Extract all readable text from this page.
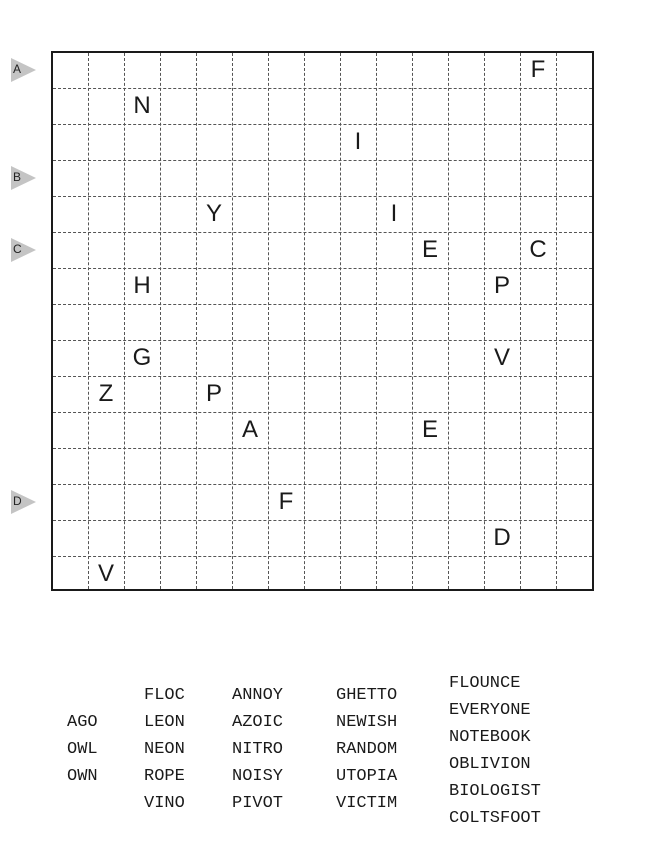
F
N
I
Y	I
E	C
H	P
G	V
Z	P
A	E
F
D
V
A
B
C
D
AGO
OWL
OWN
FLOC
LEON
NEON
ROPE
VINO
ANNOY
AZOIC
NITRO
NOISY
PIVOT
GHETTO
NEWISH
RANDOM
UTOPIA
VICTIM
FLOUNCE
EVERYONE
NOTEBOOK
OBLIVION
BIOLOGIST
COLTSFOOT
